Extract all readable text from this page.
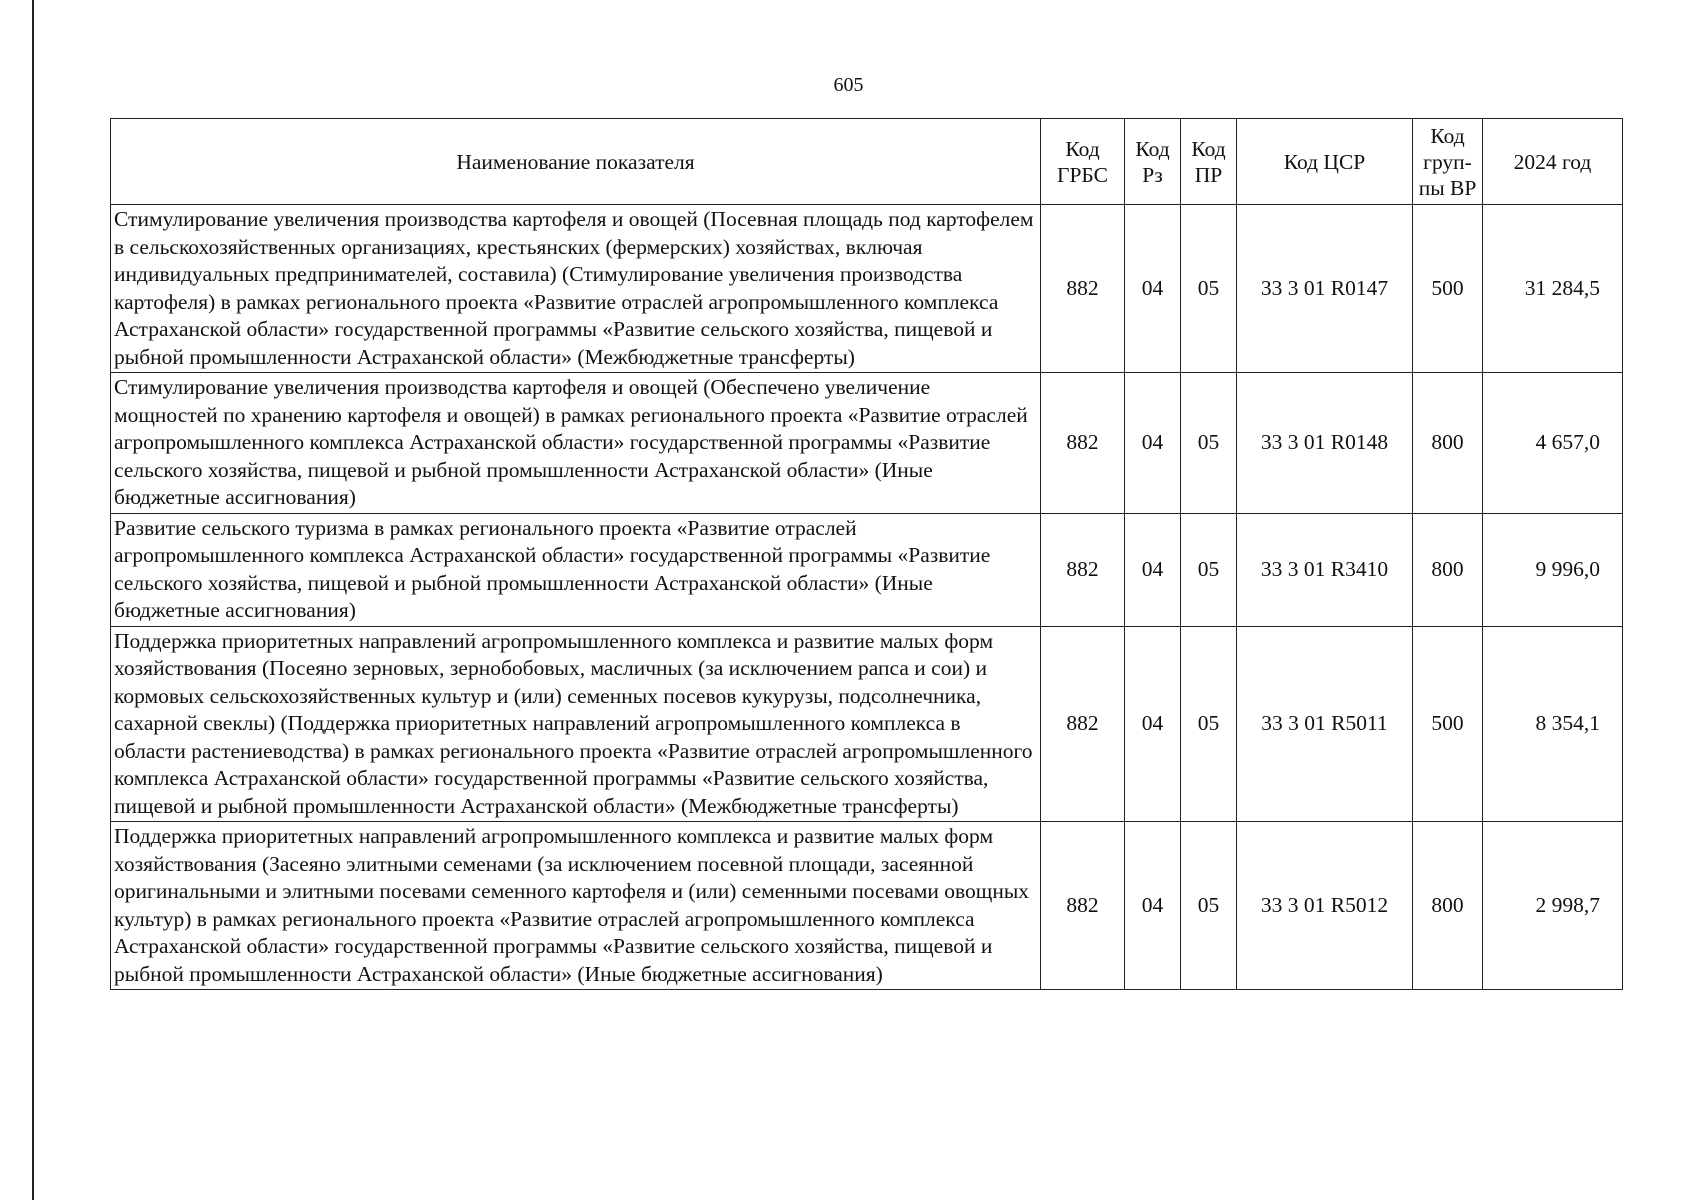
605
Наименование показателя	Код ГРБС	Код Рз	Код ПР	Код ЦСР	Код груп-пы ВР	2024 год
Стимулирование увеличения производства картофеля и овощей (Посевная площадь под картофелем в сельскохозяйственных организациях, крестьянских (фермерских) хозяйствах, включая индивидуальных предпринимателей, составила) (Стимулирование увеличения производства картофеля) в рамках регионального проекта «Развитие отраслей агропромышленного комплекса Астраханской области» государственной программы «Развитие сельского хозяйства, пищевой и рыбной промышленности Астраханской области» (Межбюджетные трансферты)	882	04	05	33 3 01 R0147	500	31 284,5
Стимулирование увеличения производства картофеля и овощей (Обеспечено увеличение мощностей по хранению картофеля и овощей) в рамках регионального проекта «Развитие отраслей агропромышленного комплекса Астраханской области» государственной программы «Развитие сельского хозяйства, пищевой и рыбной промышленности Астраханской области» (Иные бюджетные ассигнования)	882	04	05	33 3 01 R0148	800	4 657,0
Развитие сельского туризма в рамках регионального проекта «Развитие отраслей агропромышленного комплекса Астраханской области» государственной программы «Развитие сельского хозяйства, пищевой и рыбной промышленности Астраханской области» (Иные бюджетные ассигнования)	882	04	05	33 3 01 R3410	800	9 996,0
Поддержка приоритетных направлений агропромышленного комплекса и развитие малых форм хозяйствования (Посеяно зерновых, зернобобовых, масличных (за исключением рапса и сои) и кормовых сельскохозяйственных культур и (или) семенных посевов кукурузы, подсолнечника, сахарной свеклы) (Поддержка приоритетных направлений агропромышленного комплекса в области растениеводства) в рамках регионального проекта «Развитие отраслей агропромышленного комплекса Астраханской области» государственной программы «Развитие сельского хозяйства, пищевой и рыбной промышленности Астраханской области» (Межбюджетные трансферты)	882	04	05	33 3 01 R5011	500	8 354,1
Поддержка приоритетных направлений агропромышленного комплекса и развитие малых форм хозяйствования (Засеяно элитными семенами (за исключением посевной площади, засеянной оригинальными и элитными посевами семенного картофеля и (или) семенными посевами овощных культур) в рамках регионального проекта «Развитие отраслей агропромышленного комплекса Астраханской области» государственной программы «Развитие сельского хозяйства, пищевой и рыбной промышленности Астраханской области» (Иные бюджетные ассигнования)	882	04	05	33 3 01 R5012	800	2 998,7
